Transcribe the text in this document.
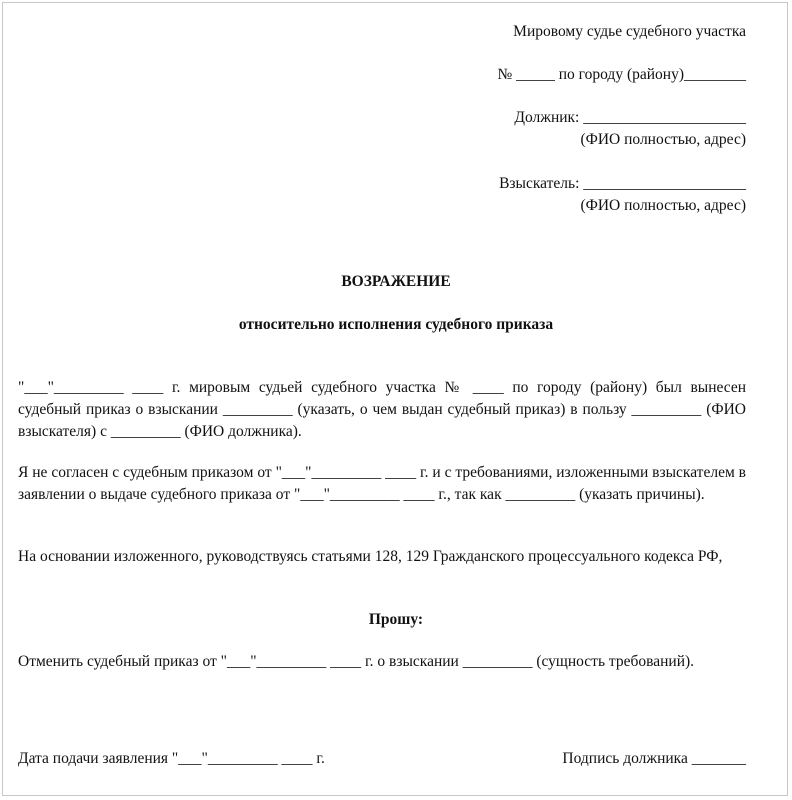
Мировому судье судебного участка
№ _____ по городу (району)________
Должник: _____________________
(ФИО полностью, адрес)
Взыскатель: _____________________
(ФИО полностью, адрес)
ВОЗРАЖЕНИЕ
относительно исполнения судебного приказа
"___"_________ ____ г. мировым судьей судебного участка № ____ по городу (району) был вынесен судебный приказ о взыскании _________ (указать, о чем выдан судебный приказ) в пользу _________ (ФИО взыскателя) с _________ (ФИО должника).
Я не согласен с судебным приказом от "___"_________ ____ г. и с требованиями, изложенными взыскателем в заявлении о выдаче судебного приказа от "___"_________ ____ г., так как _________ (указать причины).
На основании изложенного, руководствуясь статьями 128, 129 Гражданского процессуального кодекса РФ,
Прошу:
Отменить судебный приказ от "___"_________ ____ г. о взыскании _________ (сущность требований).
Дата подачи заявления "___"_________ ____ г.	Подпись должника _______
